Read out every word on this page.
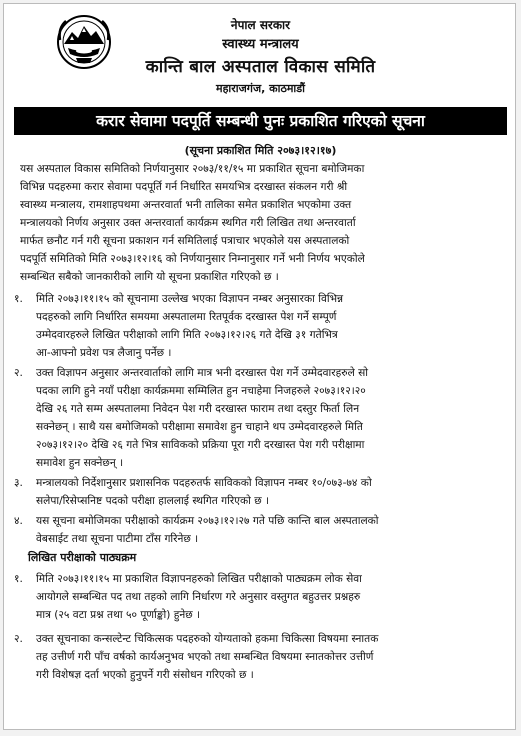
नेपाल सरकार
स्वास्थ्य मन्त्रालय
कान्ति बाल अस्पताल विकास समिति
महाराजगंज, काठमाडौं
करार सेवामा पदपूर्ति सम्बन्धी पुनः प्रकाशित गरिएको सूचना
(सूचना प्रकाशित मिति २०७३।१२।१७)
यस अस्पताल विकास समितिको निर्णयानुसार २०७३/११/१५ मा प्रकाशित सूचना बमोजिमका
विभिन्न पदहरुमा करार सेवामा पदपूर्ति गर्न निर्धारित समयभित्र दरखास्त संकलन गरी श्री
स्वास्थ्य मन्त्रालय, रामशाहपथमा अन्तरवार्ता भनी तालिका समेत प्रकाशित भएकोमा उक्त
मन्त्रालयको निर्णय अनुसार उक्त अन्तरवार्ता कार्यक्रम स्थगित गरी लिखित तथा अन्तरवार्ता
मार्फत छनौट गर्न गरी सूचना प्रकाशन गर्न समितिलाई पत्राचार भएकोले यस अस्पतालको
पदपूर्ति समितिको मिति २०७३।१२।१६ को निर्णयानुसार निम्नानुसार गर्ने भनी निर्णय भएकोले
सम्बन्धित सबैको जानकारीको लागि यो सूचना प्रकाशित गरिएको छ ।
१.	मिति २०७३।११।१५ को सूचनामा उल्लेख भएका विज्ञापन नम्बर अनुसारका विभिन्न
पदहरुको लागि निर्धारित समयमा अस्पतालमा रितपूर्वक दरखास्त पेश गर्ने सम्पूर्ण
उम्मेदवारहरुले लिखित परीक्षाको लागि मिति २०७३।१२।२६ गते देखि ३१ गतेभित्र
आ-आफ्नो प्रवेश पत्र लैजानु पर्नेछ ।
२.	उक्त विज्ञापन अनुसार अन्तरवार्ताको लागि मात्र भनी दरखास्त पेश गर्ने उम्मेदवारहरुले सो
पदका लागि हुने नयाँ परीक्षा कार्यक्रममा सम्मिलित हुन नचाहेमा निजहरुले २०७३।१२।२०
देखि २६ गते सम्म अस्पतालमा निवेदन पेश गरी दरखास्त फाराम तथा दस्तुर फिर्ता लिन
सक्नेछन् । साथै यस बमोजिमको परीक्षामा समावेश हुन चाहाने थप उम्मेदवारहरुले मिति
२०७३।१२।२० देखि २६ गते भित्र साविकको प्रक्रिया पूरा गरी दरखास्त पेश गरी परीक्षामा
समावेश हुन सक्नेछन् ।
३.	मन्त्रालयको निर्देशानुसार प्रशासनिक पदहरुतर्फ साविकको विज्ञापन नम्बर १०/०७३-७४ को
सलेपा/रिसेप्सनिष्ट पदको परीक्षा हाललाई स्थगित गरिएको छ ।
४.	यस सूचना बमोजिमका परीक्षाको कार्यक्रम २०७३।१२।२७ गते पछि कान्ति बाल अस्पतालको
वेबसाईट तथा सूचना पाटीमा टाँस गरिनेछ ।
लिखित परीक्षाको पाठ्यक्रम
१.	मिति २०७३।११।१५ मा प्रकाशित विज्ञापनहरुको लिखित परीक्षाको पाठ्यक्रम लोक सेवा
आयोगले सम्बन्धित पद तथा तहको लागि निर्धारण गरे अनुसार वस्तुगत बहुउत्तर प्रश्नहरु
मात्र (२५ वटा प्रश्न तथा ५० पूर्णाङ्को) हुनेछ ।
२.	उक्त सूचनाका कन्सल्टेन्ट चिकित्सक पदहरुको योग्यताको हकमा चिकित्सा विषयमा स्नातक
तह उत्तीर्ण गरी पाँच वर्षको कार्यअनुभव भएको तथा सम्बन्धित विषयमा स्नातकोत्तर उत्तीर्ण
गरी विशेषज्ञ दर्ता भएको हुनुपर्ने गरी संसोधन गरिएको छ ।
